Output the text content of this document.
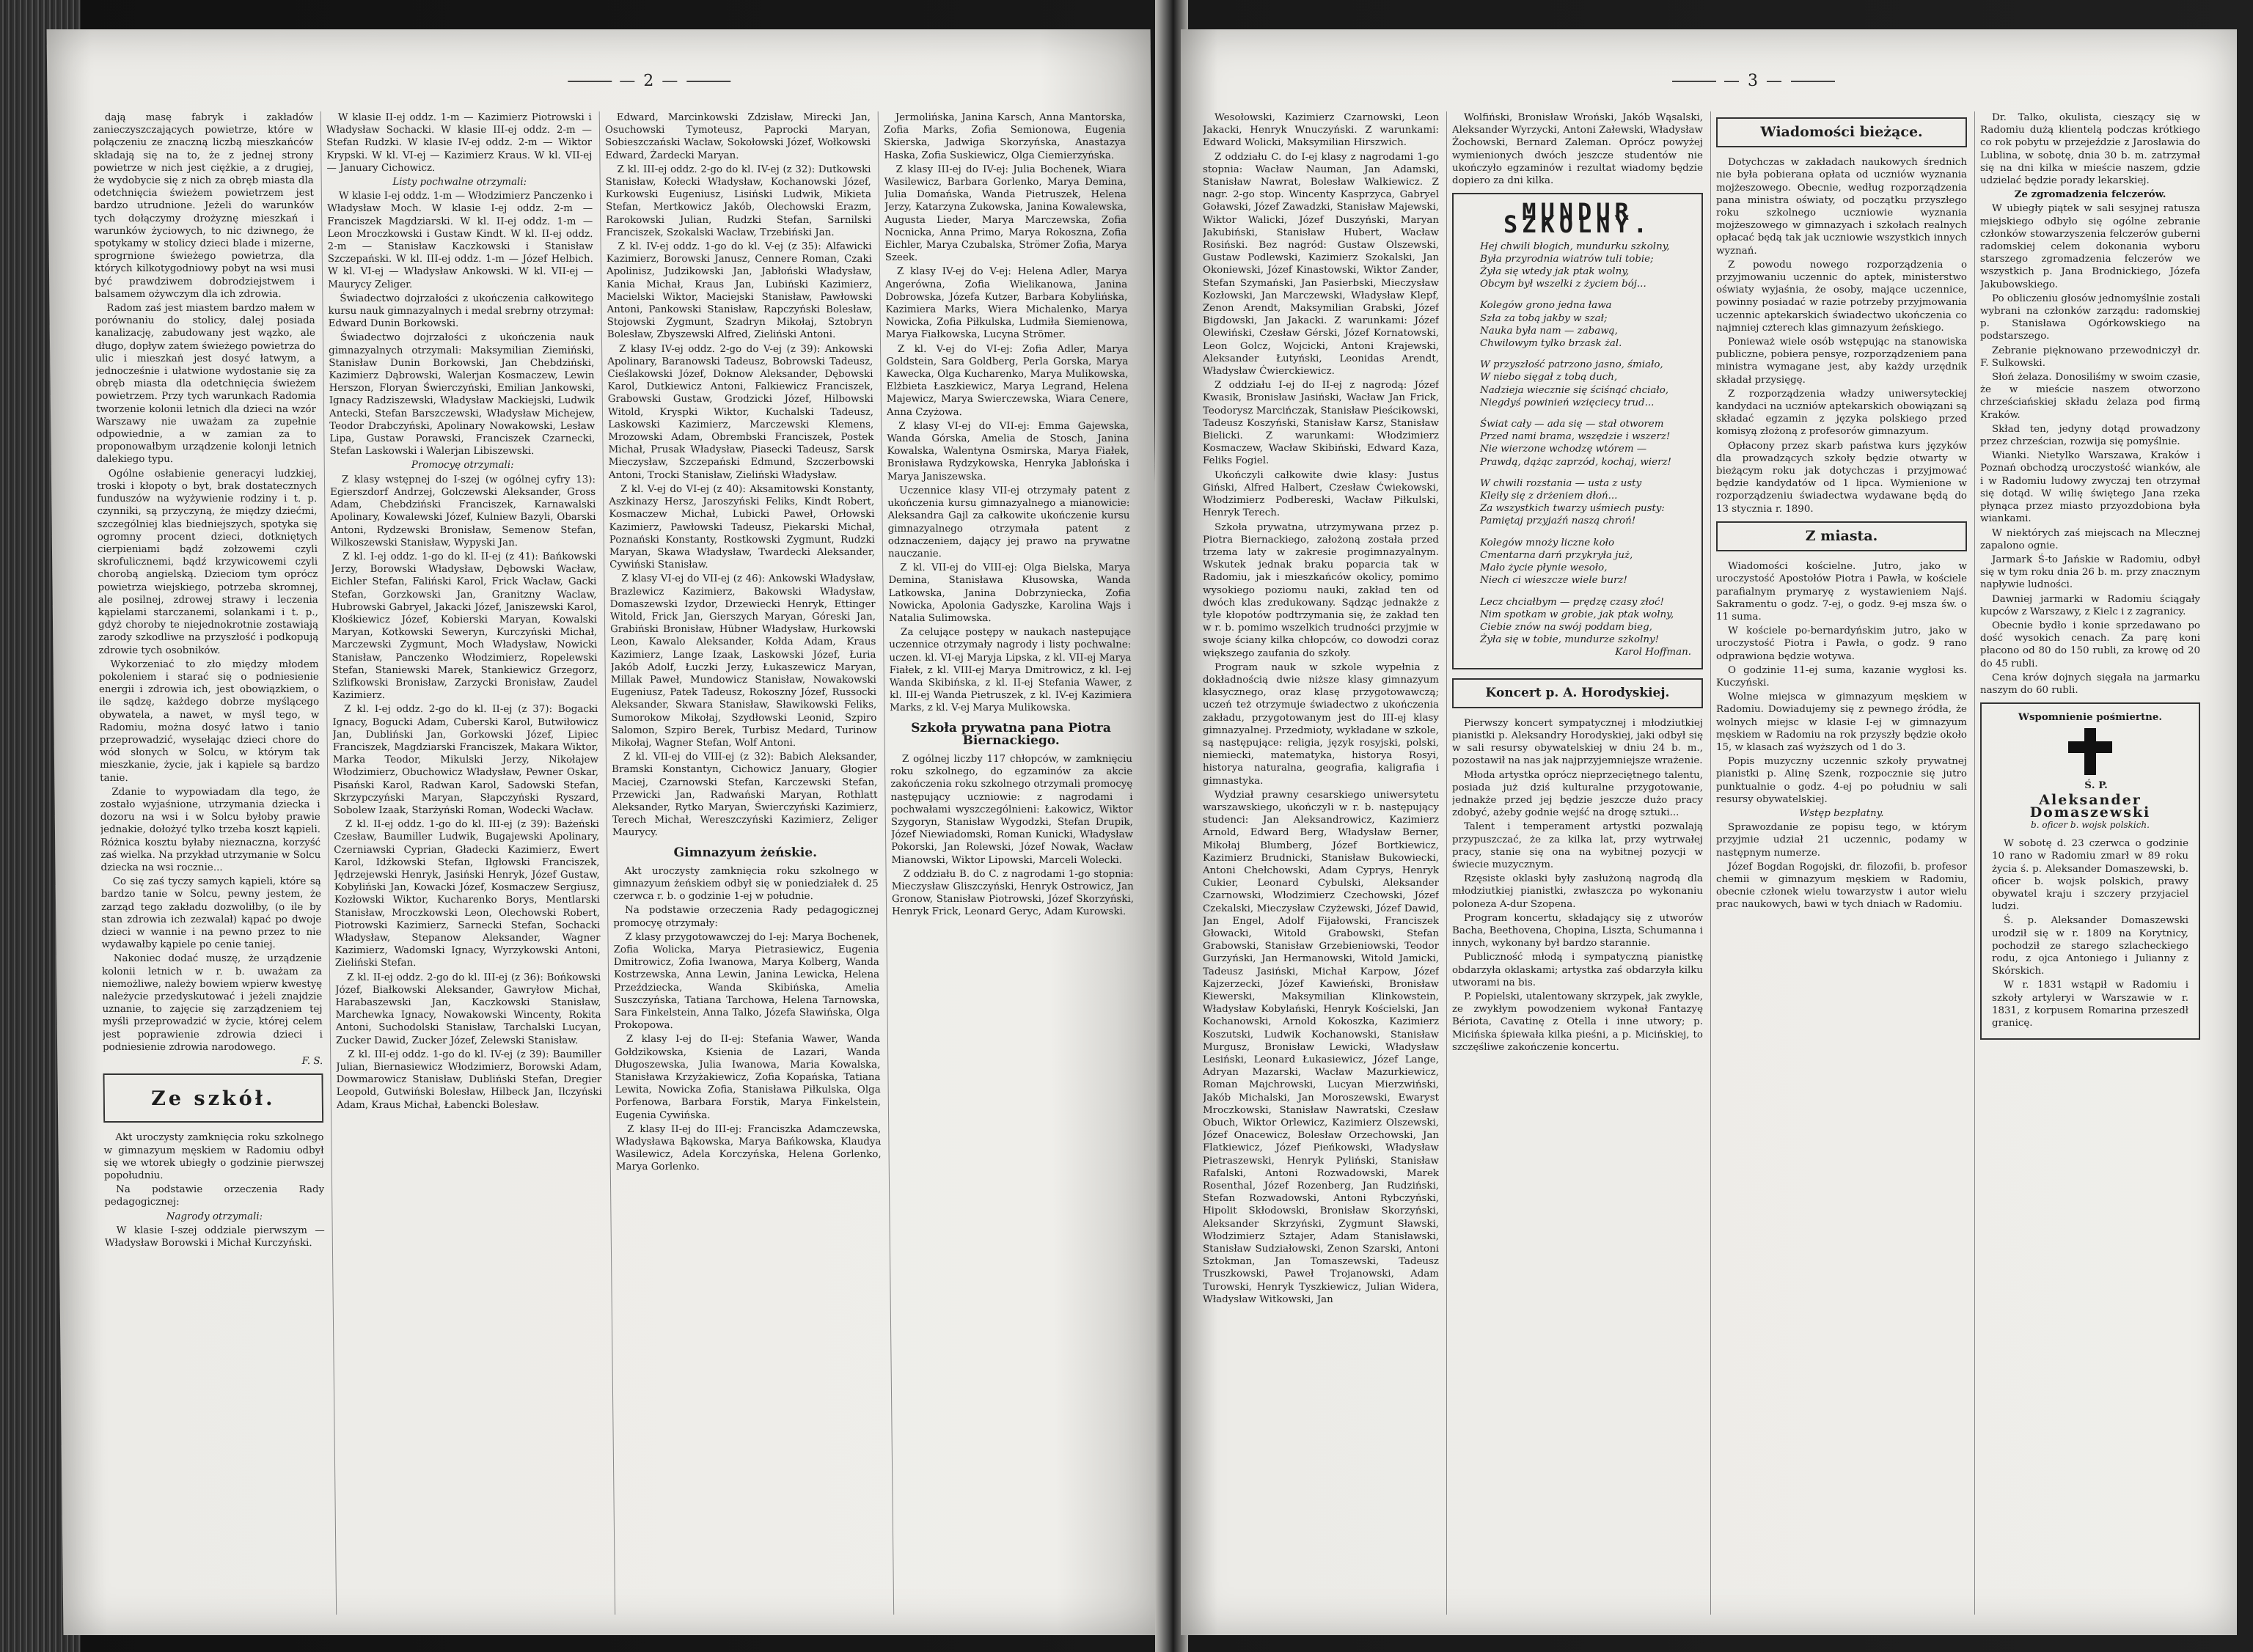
— 2 —

dają masę fabryk i zakładów zanieczyszczających powietrze, które w połączeniu ze znaczną liczbą mieszkańców składają się na to, że z jednej strony powietrze w nich jest ciężkie, a z drugiej, że wydobycie się z nich za obręb miasta dla odetchnięcia świeżem powietrzem jest bardzo utrudnione. Jeżeli do warunków tych dołączymy drożyznę mieszkań i warunków życiowych, to nic dziwnego, że spotykamy w stolicy dzieci blade i mizerne, sprogrnione świeżego powietrza, dla których kilkotygodniowy pobyt na wsi musi być prawdziwem dobrodziejstwem i balsamem ożywczym dla ich zdrowia.

Radom zaś jest miastem bardzo małem w porównaniu do stolicy, dalej posiada kanalizację, zabudowany jest wązko, ale długo, dopływ zatem świeżego powietrza do ulic i mieszkań jest dosyć łatwym, a jednocześnie i ułatwione wydostanie się za obręb miasta dla odetchnięcia świeżem powietrzem. Przy tych warunkach Radomia tworzenie kolonii letnich dla dzieci na wzór Warszawy nie uważam za zupełnie odpowiednie, a w zamian za to proponowałbym urządzenie kolonji letnich dalekiego typu.

Ogólne osłabienie generacyi ludzkiej, troski i kłopoty o byt, brak dostatecznych funduszów na wyżywienie rodziny i t. p. czynniki, są przyczyną, że między dziećmi, szczególniej klas biedniejszych, spotyka się ogromny procent dzieci, dotkniętych cierpieniami bądź zołzowemi czyli skrofulicznemi, bądź krzywicowemi czyli chorobą angielską. Dzieciom tym oprócz powietrza wiejskiego, potrzeba skromnej, ale posilnej, zdrowej strawy i leczenia kąpielami starczanemi, solankami i t. p., gdyż choroby te niejednokrotnie zostawiają zarody szkodliwe na przyszłość i podkopują zdrowie tych osobników.

Wykorzeniać to zło między młodem pokoleniem i starać się o podniesienie energii i zdrowia ich, jest obowiązkiem, o ile sądzę, każdego dobrze myślącego obywatela, a nawet, w myśl tego, w Radomiu, można dosyć łatwo i tanio przeprowadzić, wysełając dzieci chore do wód słonych w Solcu, w którym tak mieszkanie, życie, jak i kąpiele są bardzo tanie.

Zdanie to wypowiadam dla tego, że zostało wyjaśnione, utrzymania dziecka i dozoru na wsi i w Solcu byłoby prawie jednakie, dołożyć tylko trzeba koszt kąpieli. Różnica kosztu byłaby nieznaczna, korzyść zaś wielka. Na przykład utrzymanie w Solcu dziecka na wsi rocznie...

Co się zaś tyczy samych kąpieli, które są bardzo tanie w Solcu, pewny jestem, że zarząd tego zakładu dozwoliłby, (o ile by stan zdrowia ich zezwalał) kąpać po dwoje dzieci w wannie i na pewno przez to nie wydawałby kąpiele po cenie taniej.

Nakoniec dodać muszę, że urządzenie kolonii letnich w r. b. uważam za niemożliwe, należy bowiem wpierw kwestyę należycie przedyskutować i jeżeli znajdzie uznanie, to zajęcie się zarządzeniem tej myśli przeprowadzić w życie, której celem jest poprawienie zdrowia dzieci i podniesienie zdrowia narodowego.

F. S.

Ze szkół.

Akt uroczysty zamknięcia roku szkolnego w gimnazyum męskiem w Radomiu odbył się we wtorek ubiegły o godzinie pierwszej popołudniu.

Na podstawie orzeczenia Rady pedagogicznej:

Nagrody otrzymali:

W klasie I-szej oddziale pierwszym — Władysław Borowski i Michał Kurczyński.

W klasie II-ej oddz. 1-m — Kazimierz Piotrowski i Władysław Sochacki. W klasie III-ej oddz. 2-m — Stefan Rudzki. W klasie IV-ej oddz. 2-m — Wiktor Krypski. W kl. VI-ej — Kazimierz Kraus. W kl. VII-ej — January Cichowicz.

Listy pochwalne otrzymali:

W klasie I-ej oddz. 1-m — Włodzimierz Panczenko i Władysław Moch. W klasie I-ej oddz. 2-m — Franciszek Magdziarski. W kl. II-ej oddz. 1-m — Leon Mroczkowski i Gustaw Kindt. W kl. II-ej oddz. 2-m — Stanisław Kaczkowski i Stanisław Szczepański. W kl. III-ej oddz. 1-m — Józef Helbich. W kl. VI-ej — Władysław Ankowski. W kl. VII-ej — Maurycy Zeliger.

Świadectwo dojrzałości z ukończenia całkowitego kursu nauk gimnazyalnych i medal srebrny otrzymał: Edward Dunin Borkowski.

Świadectwo dojrzałości z ukończenia nauk gimnazyalnych otrzymali: Maksymilian Ziemiński, Stanisław Dunin Borkowski, Jan Chebdziński, Kazimierz Dąbrowski, Walerjan Kosmaczew, Lewin Herszon, Floryan Świerczyński, Emilian Jankowski, Ignacy Radziszewski, Władysław Mackiejski, Ludwik Antecki, Stefan Barszczewski, Władysław Michejew, Teodor Drabczyński, Apolinary Nowakowski, Lesław Lipa, Gustaw Porawski, Franciszek Czarnecki, Stefan Laskowski i Walerjan Libiszewski.

Promocyę otrzymali:

Z klasy wstępnej do I-szej (w ogólnej cyfry 13): Egierszdorf Andrzej, Golczewski Aleksander, Gross Adam, Chebdziński Franciszek, Karnawalski Apolinary, Kowalewski Józef, Kulniew Bazyli, Obarski Antoni, Rydzewski Bronisław, Semenow Stefan, Wilkoszewski Stanisław, Wypyski Jan.

Z kl. I-ej oddz. 1-go do kl. II-ej (z 41): Bańkowski Jerzy, Borowski Władysław, Dębowski Wacław, Eichler Stefan, Faliński Karol, Frick Wacław, Gacki Stefan, Gorzkowski Jan, Granitzny Waclaw, Hubrowski Gabryel, Jakacki Józef, Janiszewski Karol, Kłośkiewicz Józef, Kobierski Maryan, Kowalski Maryan, Kotkowski Seweryn, Kurczyński Michał, Marczewski Zygmunt, Moch Władysław, Nowicki Stanisław, Panczenko Włodzimierz, Ropelewski Stefan, Staniewski Marek, Stankiewicz Grzegorz, Szlifkowski Bronisław, Zarzycki Bronisław, Zaudel Kazimierz.

Z kl. I-ej oddz. 2-go do kl. II-ej (z 37): Bogacki Ignacy, Bogucki Adam, Cuberski Karol, Butwiłowicz Jan, Dubliński Jan, Gorkowski Józef, Lipiec Franciszek, Magdziarski Franciszek, Makara Wiktor, Marka Teodor, Mikulski Jerzy, Nikołajew Włodzimierz, Obuchowicz Władysław, Pewner Oskar, Pisański Karol, Radwan Karol, Sadowski Stefan, Skrzypczyński Maryan, Słapczyński Ryszard, Sobolew Izaak, Starżyński Roman, Wodecki Wacław.

Z kl. II-ej oddz. 1-go do kl. III-ej (z 39): Bażeński Czesław, Baumiller Ludwik, Bugajewski Apolinary, Czerniawski Cyprian, Gładecki Kazimierz, Ewert Karol, Idźkowski Stefan, Iłgłowski Franciszek, Jędrzejewski Henryk, Jasiński Henryk, Józef Gustaw, Kobyliński Jan, Kowacki Józef, Kosmaczew Sergiusz, Kozłowski Wiktor, Kucharenko Borys, Mentlarski Stanisław, Mroczkowski Leon, Olechowski Robert, Piotrowski Kazimierz, Sarnecki Stefan, Sochacki Władysław, Stepanow Aleksander, Wagner Kazimierz, Wadomski Ignacy, Wyrzykowski Antoni, Zieliński Stefan.

Z kl. II-ej oddz. 2-go do kl. III-ej (z 36): Bońkowski Józef, Białkowski Aleksander, Gawryłow Michał, Harabaszewski Jan, Kaczkowski Stanisław, Marchewka Ignacy, Nowakowski Wincenty, Rokita Antoni, Suchodolski Stanisław, Tarchalski Lucyan, Zucker Dawid, Zucker Józef, Zelewski Stanisław.

Z kl. III-ej oddz. 1-go do kl. IV-ej (z 39): Baumiller Julian, Biernasiewicz Włodzimierz, Borowski Adam, Dowmarowicz Stanisław, Dubliński Stefan, Dregier Leopold, Gutwiński Bolesław, Hilbeck Jan, Ilczyński Adam, Kraus Michał, Łabencki Bolesław.

Edward, Marcinkowski Zdzisław, Mirecki Jan, Osuchowski Tymoteusz, Paprocki Maryan, Sobieszczański Wacław, Sokołowski Józef, Wołkowski Edward, Żardecki Maryan.

Z kl. III-ej oddz. 2-go do kl. IV-ej (z 32): Dutkowski Stanisław, Kołecki Władysław, Kochanowski Józef, Kurkowski Eugeniusz, Lisiński Ludwik, Mikieta Stefan, Mertkowicz Jakób, Olechowski Erazm, Rarokowski Julian, Rudzki Stefan, Sarnilski Franciszek, Szokalski Wacław, Trzebiński Jan.

Z kl. IV-ej oddz. 1-go do kl. V-ej (z 35): Alfawicki Kazimierz, Borowski Janusz, Cennere Roman, Czaki Apolinisz, Judzikowski Jan, Jabłoński Władysław, Kania Michał, Kraus Jan, Lubiński Kazimierz, Macielski Wiktor, Maciejski Stanisław, Pawłowski Antoni, Pankowski Stanisław, Rapczyński Bolesław, Stojowski Zygmunt, Szadryn Mikołaj, Sztobryn Bolesław, Zbyszewski Alfred, Zieliński Antoni.

Z klasy IV-ej oddz. 2-go do V-ej (z 39): Ankowski Apolinary, Baranowski Tadeusz, Bobrowski Tadeusz, Cieślakowski Józef, Doknow Aleksander, Dębowski Karol, Dutkiewicz Antoni, Falkiewicz Franciszek, Grabowski Gustaw, Grodzicki Józef, Hilbowski Witold, Kryspki Wiktor, Kuchalski Tadeusz, Laskowski Kazimierz, Marczewski Klemens, Mrozowski Adam, Obrembski Franciszek, Postek Michał, Prusak Władysław, Piasecki Tadeusz, Sarsk Mieczysław, Szczepański Edmund, Szczerbowski Antoni, Trocki Stanisław, Zieliński Władysław.

Z kl. V-ej do VI-ej (z 40): Aksamitowski Konstanty, Aszkinazy Hersz, Jaroszyński Feliks, Kindt Robert, Kosmaczew Michał, Lubicki Paweł, Orłowski Kazimierz, Pawłowski Tadeusz, Piekarski Michał, Poznański Konstanty, Rostkowski Zygmunt, Rudzki Maryan, Skawa Władysław, Twardecki Aleksander, Cywiński Stanisław.

Z klasy VI-ej do VII-ej (z 46): Ankowski Władysław, Brazlewicz Kazimierz, Bakowski Władysław, Domaszewski Izydor, Drzewiecki Henryk, Ettinger Witold, Frick Jan, Gierszych Maryan, Góreski Jan, Grabiński Bronisław, Hübner Władysław, Hurkowski Leon, Kawalo Aleksander, Kołda Adam, Kraus Kazimierz, Lange Izaak, Laskowski Józef, Łuria Jakób Adolf, Łuczki Jerzy, Łukaszewicz Maryan, Millak Paweł, Mundowicz Stanisław, Nowakowski Eugeniusz, Patek Tadeusz, Rokoszny Józef, Russocki Aleksander, Skwara Stanisław, Sławikowski Feliks, Sumorokow Mikołaj, Szydłowski Leonid, Szpiro Salomon, Szpiro Berek, Turbisz Medard, Turinow Mikołaj, Wagner Stefan, Wolf Antoni.

Z kl. VII-ej do VIII-ej (z 32): Babich Aleksander, Bramski Konstantyn, Cichowicz January, Głogier Maciej, Czarnowski Stefan, Karczewski Stefan, Przewicki Jan, Radwański Maryan, Rothlatt Aleksander, Rytko Maryan, Świerczyński Kazimierz, Terech Michał, Wereszczyński Kazimierz, Zeliger Maurycy.

Gimnazyum żeńskie.

Akt uroczysty zamknięcia roku szkolnego w gimnazyum żeńskiem odbył się w poniedziałek d. 25 czerwca r. b. o godzinie 1-ej w południe.

Na podstawie orzeczenia Rady pedagogicznej promocyę otrzymały:

Z klasy przygotowawczej do I-ej: Marya Bochenek, Zofia Wolicka, Marya Pietrasiewicz, Eugenia Dmitrowicz, Zofia Iwanowa, Marya Kolberg, Wanda Kostrzewska, Anna Lewin, Janina Lewicka, Helena Przeździecka, Wanda Skibińska, Amelia Suszczyńska, Tatiana Tarchowa, Helena Tarnowska, Sara Finkelstein, Anna Talko, Józefa Sławińska, Olga Prokopowa.

Z klasy I-ej do II-ej: Stefania Wawer, Wanda Gołdzikowska, Ksienia de Lazari, Wanda Długoszewska, Julia Iwanowa, Maria Kowalska, Stanisława Krzyżakiewicz, Zofia Kopańska, Tatiana Lewita, Nowicka Zofia, Stanisława Piłkulska, Olga Porfenowa, Barbara Forstik, Marya Finkelstein, Eugenia Cywińska.

Z klasy II-ej do III-ej: Franciszka Adamczewska, Władysława Bąkowska, Marya Bańkowska, Klaudya Wasilewicz, Adela Korczyńska, Helena Gorlenko, Marya Gorlenko.

Jermolińska, Janina Karsch, Anna Mantorska, Zofia Marks, Zofia Semionowa, Eugenia Skierska, Jadwiga Skorzyńska, Anastazya Haska, Zofia Suskiewicz, Olga Ciemierzyńska.

Z klasy III-ej do IV-ej: Julia Bochenek, Wiara Wasilewicz, Barbara Gorlenko, Marya Demina, Julia Domańska, Wanda Pietruszek, Helena Jerzy, Katarzyna Zukowska, Janina Kowalewska, Augusta Lieder, Marya Marczewska, Zofia Nocnicka, Anna Primo, Marya Rokoszna, Zofia Eichler, Marya Czubalska, Strömer Zofia, Marya Szeek.

Z klasy IV-ej do V-ej: Helena Adler, Marya Angerówna, Zofia Wielikanowa, Janina Dobrowska, Józefa Kutzer, Barbara Kobylińska, Kazimiera Marks, Wiera Michalenko, Marya Nowicka, Zofia Piłkulska, Ludmiła Siemienowa, Marya Fiałkowska, Lucyna Strömer.

Z kl. V-ej do VI-ej: Zofia Adler, Marya Goldstein, Sara Goldberg, Perla Gorska, Marya Kawecka, Olga Kucharenko, Marya Mulikowska, Elżbieta Łaszkiewicz, Marya Legrand, Helena Majewicz, Marya Swierczewska, Wiara Cenere, Anna Czyżowa.

Z klasy VI-ej do VII-ej: Emma Gajewska, Wanda Górska, Amelia de Stosch, Janina Kowalska, Walentyna Osmirska, Marya Fiałek, Bronisława Rydzykowska, Henryka Jabłońska i Marya Janiszewska.

Uczennice klasy VII-ej otrzymały patent z ukończenia kursu gimnazyalnego a mianowicie: Aleksandra Gajl za całkowite ukończenie kursu gimnazyalnego otrzymała patent z odznaczeniem, dający jej prawo na prywatne nauczanie.

Z kl. VII-ej do VIII-ej: Olga Bielska, Marya Demina, Stanisława Kłusowska, Wanda Latkowska, Janina Dobrzyniecka, Zofia Nowicka, Apolonia Gadyszke, Karolina Wajs i Natalia Sulimowska.

Za celujące postępy w naukach nastepujące uczennice otrzymały nagrody i listy pochwalne: uczen. kl. VI-ej Maryja Lipska, z kl. VII-ej Marya Fiałek, z kl. VIII-ej Marya Dmitrowicz, z kl. I-ej Wanda Skibińska, z kl. II-ej Stefania Wawer, z kl. III-ej Wanda Pietruszek, z kl. IV-ej Kazimiera Marks, z kl. V-ej Marya Mulikowska.

Szkoła prywatna pana Piotra Biernackiego.

Z ogólnej liczby 117 chłopców, w zamknięciu roku szkolnego, do egzaminów za akcie zakończenia roku szkolnego otrzymali promocyę następujący uczniowie: z nagrodami i pochwałami wyszczególnieni: Łakowicz, Wiktor Szygoryn, Stanisław Wygodzki, Stefan Drupik, Józef Niewiadomski, Roman Kunicki, Władysław Pokorski, Jan Rolewski, Józef Nowak, Wacław Mianowski, Wiktor Lipowski, Marceli Wolecki.

Z oddziału B. do C. z nagrodami 1-go stopnia: Mieczysław Gliszczyński, Henryk Ostrowicz, Jan Gronow, Stanisław Piotrowski, Józef Skorzyński, Henryk Frick, Leonard Geryc, Adam Kurowski.

— 3 —

Wesołowski, Kazimierz Czarnowski, Leon Jakacki, Henryk Wnuczyński. Z warunkami: Edward Wolicki, Maksymilian Hirszwich.

Z oddziału C. do I-ej klasy z nagrodami 1-go stopnia: Wacław Nauman, Jan Adamski, Stanisław Nawrat, Bolesław Walkiewicz. Z nagr. 2-go stop. Wincenty Kasprzyca, Gabryel Goławski, Józef Zawadzki, Stanisław Majewski, Wiktor Walicki, Józef Duszyński, Maryan Jakubiński, Stanisław Hubert, Wacław Rosiński. Bez nagród: Gustaw Olszewski, Gustaw Podlewski, Kazimierz Szokalski, Jan Okoniewski, Józef Kinastowski, Wiktor Zander, Stefan Szymański, Jan Pasierbski, Mieczysław Kozłowski, Jan Marczewski, Władysław Klepf, Zenon Arendt, Maksymilian Grabski, Józef Bigdowski, Jan Jakacki. Z warunkami: Józef Olewiński, Czesław Gérski, Józef Kornatowski, Leon Golcz, Wojcicki, Antoni Krajewski, Aleksander Łutyński, Leonidas Arendt, Władysław Ćwierckiewicz.

Z oddziału I-ej do II-ej z nagrodą: Józef Kwasik, Bronisław Jasiński, Wacław Jan Frick, Teodorysz Marcińczak, Stanisław Pieścikowski, Tadeusz Koszyński, Stanisław Karsz, Stanisław Bielicki. Z warunkami: Włodzimierz Kosmaczew, Wacław Skibiński, Edward Kaza, Feliks Fogiel.

Ukończyli całkowite dwie klasy: Justus Giński, Alfred Halbert, Czesław Ćwiekowski, Włodzimierz Podbereski, Wacław Piłkulski, Henryk Terech.

Szkoła prywatna, utrzymywana przez p. Piotra Biernackiego, założoną została przed trzema laty w zakresie progimnazyalnym. Wskutek jednak braku poparcia tak w Radomiu, jak i mieszkańców okolicy, pomimo wysokiego poziomu nauki, zakład ten od dwóch klas zredukowany. Sądząc jednakże z tyle kłopotów podtrzymania się, że zakład ten w r. b. pomimo wszelkich trudności przyjmie w swoje ściany kilka chłopców, co dowodzi coraz większego zaufania do szkoły.

Program nauk w szkole wypełnia z dokładnością dwie niższe klasy gimnazyum klasycznego, oraz klasę przygotowawczą; uczeń też otrzymuje świadectwo z ukończenia zakładu, przygotowanym jest do III-ej klasy gimnazyalnej. Przedmioty, wykładane w szkole, są następujące: religia, język rosyjski, polski, niemiecki, matematyka, historya Rosyi, historya naturalna, geografia, kaligrafia i gimnastyka.

Wydział prawny cesarskiego uniwersytetu warszawskiego, ukończyli w r. b. następujący studenci: Jan Aleksandrowicz, Kazimierz Arnold, Edward Berg, Władysław Berner, Mikołaj Blumberg, Józef Bortkiewicz, Kazimierz Brudnicki, Stanisław Bukowiecki, Antoni Chełchowski, Adam Cyprys, Henryk Cukier, Leonard Cybulski, Aleksander Czarnowski, Włodzimierz Czechowski, Józef Czekalski, Mieczysław Czyżewski, Józef Dawid, Jan Engel, Adolf Fijałowski, Franciszek Głowacki, Witold Grabowski, Stefan Grabowski, Stanisław Grzebieniowski, Teodor Gurzyński, Jan Hermanowski, Witold Jamicki, Tadeusz Jasiński, Michał Karpow, Józef Kajzerzecki, Józef Kawieński, Bronisław Kiewerski, Maksymilian Klinkowstein, Władysław Kobylański, Henryk Kościelski, Jan Kochanowski, Arnold Kokoszka, Kazimierz Koszutski, Ludwik Kochanowski, Stanisław Murgusz, Bronisław Lewicki, Władysław Lesiński, Leonard Łukasiewicz, Józef Lange, Adryan Mazarski, Wacław Mazurkiewicz, Roman Majchrowski, Lucyan Mierzwiński, Jakób Michalski, Jan Moroszewski, Ewaryst Mroczkowski, Stanisław Nawratski, Czesław Obuch, Wiktor Orlewicz, Kazimierz Olszewski, Józef Onacewicz, Bolesław Orzechowski, Jan Flatkiewicz, Józef Pieńkowski, Władysław Pietraszewski, Henryk Pyliński, Stanisław Rafalski, Antoni Rozwadowski, Marek Rosenthal, Józef Rozenberg, Jan Rudziński, Stefan Rozwadowski, Antoni Rybczyński, Hipolit Skłodowski, Bronisław Skorzyński, Aleksander Skrzyński, Zygmunt Sławski, Włodzimierz Sztajer, Adam Stanisławski, Stanisław Sudziałowski, Zenon Szarski, Antoni Sztokman, Jan Tomaszewski, Tadeusz Truszkowski, Paweł Trojanowski, Adam Turowski, Henryk Tyszkiewicz, Julian Widera, Władysław Witkowski, Jan

Wolfiński, Bronisław Wroński, Jakób Wąsalski, Aleksander Wyrzycki, Antoni Załewski, Władysław Żochowski, Bernard Zaleman. Oprócz powyżej wymienionych dwóch jeszcze studentów nie ukończyło egzaminów i rezultat wiadomy będzie dopiero za dni kilka.

MUNDUR SZKOLNY.

Hej chwili błogich, mundurku szkolny,

Była przyrodnia wiatrów tuli tobie;

Żyła się wtedy jak ptak wolny,

Obcym był wszelki z życiem bój...

Kolegów grono jedna ława

Szła za tobą jakby w szał;

Nauka była nam — zabawą,

Chwilowym tylko brzask żal.

W przyszłość patrzono jasno, śmiało,

W niebo sięgał z tobą duch,

Nadzieja wiecznie się ściśnąć chciało,

Niegdyś powinień wzięciecy trud...

Świat cały — ada się — stał otworem

Przed nami brama, wszędzie i wszerz!

Nie wierzone wchodzę wtórem —

Prawdą, dążąc zaprzód, kochaj, wierz!

W chwili rozstania — usta z usty

Kleiły się z drżeniem dłoń...

Za wszystkich twarzy uśmiech pusty:

Pamiętaj przyjaźń naszą chroń!

Kolegów mnoży liczne koło

Cmentarna darń przykryła już,

Mało życie płynie wesoło,

Niech ci wieszcze wiele burz!

Lecz chciałbym — prędzę czasy złoć!

Nim spotkam w grobie, jak ptak wolny,

Ciebie znów na swój poddam bieg,

Żyła się w tobie, mundurze szkolny!

Karol Hoffman.

Koncert p. A. Horodyskiej.

Pierwszy koncert sympatycznej i młodziutkiej pianistki p. Aleksandry Horodyskiej, jaki odbył się w sali resursy obywatelskiej w dniu 24 b. m., pozostawił na nas jak najprzyjemniejsze wrażenie.

Młoda artystka oprócz nieprzeciętnego talentu, posiada już dziś kulturalne przygotowanie, jednakże przed jej będzie jeszcze dużo pracy zdobyć, ażeby godnie wejść na drogę sztuki...

Talent i temperament artystki pozwalają przypuszczać, że za kilka lat, przy wytrwałej pracy, stanie się ona na wybitnej pozycji w świecie muzycznym.

Rzęsiste oklaski były zasłużoną nagrodą dla młodziutkiej pianistki, zwłaszcza po wykonaniu poloneza A-dur Szopena.

Program koncertu, składający się z utworów Bacha, Beethovena, Chopina, Liszta, Schumanna i innych, wykonany był bardzo starannie.

Publiczność młodą i sympatyczną pianistkę obdarzyła oklaskami; artystka zaś obdarzyła kilku utworami na bis.

P. Popielski, utalentowany skrzypek, jak zwykle, ze zwykłym powodzeniem wykonał Fantazyę Bériota, Cavatinę z Otella i inne utwory; p. Micińska śpiewała kilka pieśni, a p. Micińskiej, to szczęśliwe zakończenie koncertu.

Wiadomości bieżące.

Dotychczas w zakładach naukowych średnich nie była pobierana opłata od uczniów wyznania mojżeszowego. Obecnie, według rozporządzenia pana ministra oświaty, od początku przyszłego roku szkolnego uczniowie wyznania mojżeszowego w gimnazyach i szkołach realnych opłacać będą tak jak uczniowie wszystkich innych wyznań.

Z powodu nowego rozporządzenia o przyjmowaniu uczennic do aptek, ministerstwo oświaty wyjaśnia, że osoby, mające uczennice, powinny posiadać w razie potrzeby przyjmowania uczennic aptekarskich świadectwo ukończenia co najmniej czterech klas gimnazyum żeńskiego.

Ponieważ wiele osób wstępując na stanowiska publiczne, pobiera pensye, rozporządzeniem pana ministra wymagane jest, aby każdy urzędnik składał przysięgę.

Z rozporządzenia władzy uniwersyteckiej kandydaci na uczniów aptekarskich obowiązani są składać egzamin z języka polskiego przed komisyą złożoną z profesorów gimnazyum.

Opłacony przez skarb państwa kurs języków dla prowadzących szkoły będzie otwarty w bieżącym roku jak dotychczas i przyjmować będzie kandydatów od 1 lipca. Wymienione w rozporządzeniu świadectwa wydawane będą do 13 stycznia r. 1890.

Z miasta.

Wiadomości kościelne. Jutro, jako w uroczystość Apostołów Piotra i Pawła, w kościele parafialnym prymaryę z wystawieniem Najś. Sakramentu o godz. 7-ej, o godz. 9-ej msza św. o 11 suma.

W kościele po-bernardyńskim jutro, jako w uroczystość Piotra i Pawła, o godz. 9 rano odprawiona będzie wotywa.

O godzinie 11-ej suma, kazanie wygłosi ks. Kuczyński.

Wolne miejsca w gimnazyum męskiem w Radomiu. Dowiadujemy się z pewnego źródła, że wolnych miejsc w klasie I-ej w gimnazyum męskiem w Radomiu na rok przyszły będzie około 15, w klasach zaś wyższych od 1 do 3.

Popis muzyczny uczennic szkoły prywatnej pianistki p. Alinę Szenk, rozpocznie się jutro punktualnie o godz. 4-ej po południu w sali resursy obywatelskiej.

Wstęp bezpłatny.

Sprawozdanie ze popisu tego, w którym przyjmie udział 21 uczennic, podamy w następnym numerze.

Józef Bogdan Rogojski, dr. filozofii, b. profesor chemii w gimnazyum męskiem w Radomiu, obecnie członek wielu towarzystw i autor wielu prac naukowych, bawi w tych dniach w Radomiu.

Dr. Talko, okulista, cieszący się w Radomiu dużą klientelą podczas krótkiego co rok pobytu w przejeździe z Jarosławia do Lublina, w sobotę, dnia 30 b. m. zatrzymał się na dni kilka w mieście naszem, gdzie udzielać będzie porady lekarskiej.

Ze zgromadzenia felczerów.

W ubiegły piątek w sali sesyjnej ratusza miejskiego odbyło się ogólne zebranie członków stowarzyszenia felczerów guberni radomskiej celem dokonania wyboru starszego zgromadzenia felczerów we wszystkich p. Jana Brodnickiego, Józefa Jakubowskiego.

Po obliczeniu głosów jednomyślnie zostali wybrani na członków zarządu: radomskiej p. Stanisława Ogórkowskiego na podstarszego.

Zebranie pięknowano przewodniczył dr. F. Sulkowski.

Słoń żelaza. Donosiliśmy w swoim czasie, że w mieście naszem otworzono chrześciańskiej składu żelaza pod firmą Kraków.

Skład ten, jedyny dotąd prowadzony przez chrześcian, rozwija się pomyślnie.

Wianki. Nietylko Warszawa, Kraków i Poznań obchodzą uroczystość wianków, ale i w Radomiu ludowy zwyczaj ten otrzymał się dotąd. W wilię świętego Jana rzeka płynąca przez miasto przyozdobiona była wiankami.

W niektórych zaś miejscach na Mlecznej zapalono ognie.

Jarmark Ś-to Jańskie w Radomiu, odbył się w tym roku dnia 26 b. m. przy znacznym napływie ludności.

Dawniej jarmarki w Radomiu ściągały kupców z Warszawy, z Kielc i z zagranicy.

Obecnie bydło i konie sprzedawano po dość wysokich cenach. Za parę koni płacono od 80 do 150 rubli, za krowę od 20 do 45 rubli.

Cena krów dojnych sięgała na jarmarku naszym do 60 rubli.

Wspomnienie pośmiertne.

Ś. P.

Aleksander Domaszewski
b. oficer b. wojsk polskich.

W sobotę d. 23 czerwca o godzinie 10 rano w Radomiu zmarł w 89 roku życia ś. p. Aleksander Domaszewski, b. oficer b. wojsk polskich, prawy obywatel kraju i szczery przyjaciel ludzi.

Ś. p. Aleksander Domaszewski urodził się w r. 1809 na Korytnicy, pochodził ze starego szlacheckiego rodu, z ojca Antoniego i Julianny z Skórskich.

W r. 1831 wstąpił w Radomiu i szkoły artyleryi w Warszawie w r. 1831, z korpusem Romarina przeszedł granicę.
